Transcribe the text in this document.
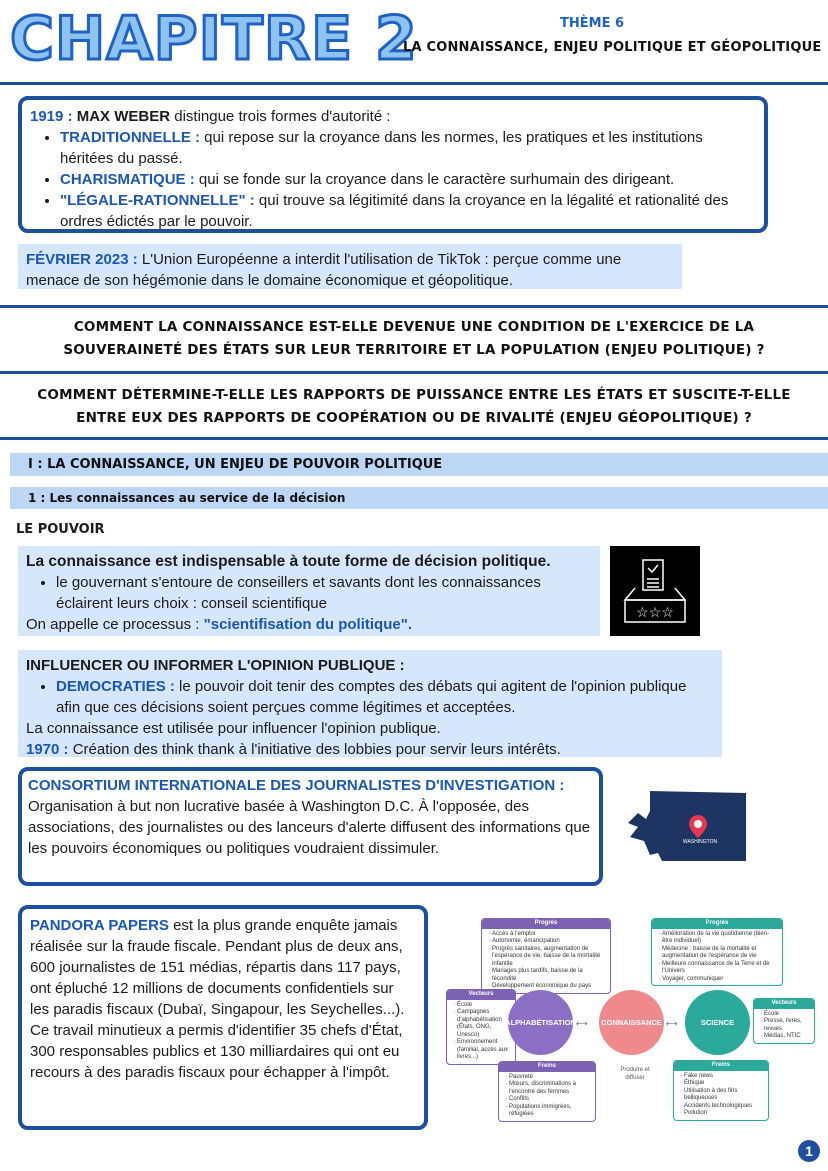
CHAPITRE 2	THÈME 6
LA CONNAISSANCE, ENJEU POLITIQUE ET GÉOPOLITIQUE
1919 : MAX WEBER distingue trois formes d'autorité :
• TRADITIONNELLE : qui repose sur la croyance dans les normes, les pratiques et les institutions héritées du passé.
• CHARISMATIQUE : qui se fonde sur la croyance dans le caractère surhumain des dirigeant.
• "LÉGALE-RATIONNELLE" : qui trouve sa légitimité dans la croyance en la légalité et rationalité des ordres édictés par le pouvoir.
FÉVRIER 2023 : L'Union Européenne a interdit l'utilisation de TikTok : perçue comme une menace de son hégémonie dans le domaine économique et géopolitique.
COMMENT LA CONNAISSANCE EST-ELLE DEVENUE UNE CONDITION DE L'EXERCICE DE LA SOUVERAINETÉ DES ÉTATS SUR LEUR TERRITOIRE ET LA POPULATION (ENJEU POLITIQUE) ?
COMMENT DÉTERMINE-T-ELLE LES RAPPORTS DE PUISSANCE ENTRE LES ÉTATS ET SUSCITE-T-ELLE ENTRE EUX DES RAPPORTS DE COOPÉRATION OU DE RIVALITÉ (ENJEU GÉOPOLITIQUE) ?
I : LA CONNAISSANCE, UN ENJEU DE POUVOIR POLITIQUE
1 : Les connaissances au service de la décision
LE POUVOIR
La connaissance est indispensable à toute forme de décision politique.
• le gouvernant s'entoure de conseillers et savants dont les connaissances éclairent leurs choix : conseil scientifique
On appelle ce processus : "scientifisation du politique".
☆☆☆
INFLUENCER OU INFORMER L'OPINION PUBLIQUE :
• DEMOCRATIES : le pouvoir doit tenir des comptes des débats qui agitent de l'opinion publique afin que ces décisions soient perçues comme légitimes et acceptées.
La connaissance est utilisée pour influencer l'opinion publique.
1970 : Création des think thank à l'initiative des lobbies pour servir leurs intérêts.
CONSORTIUM INTERNATIONALE DES JOURNALISTES D'INVESTIGATION :
Organisation à but non lucrative basée à Washington D.C. À l'opposée, des associations, des journalistes ou des lanceurs d'alerte diffusent des informations que les pouvoirs économiques ou politiques voudraient dissimuler.	WASHINGTON
PANDORA PAPERS est la plus grande enquête jamais réalisée sur la fraude fiscale. Pendant plus de deux ans, 600 journalistes de 151 médias, répartis dans 117 pays, ont épluché 12 millions de documents confidentiels sur les paradis fiscaux (Dubaï, Singapour, les Seychelles...). Ce travail minutieux a permis d'identifier 35 chefs d'État, 300 responsables publics et 130 milliardaires qui ont eu recours à des paradis fiscaux pour échapper à l'impôt.
Progrès
· Accès à l'emploi
· Autonomie, émancipation
· Progrès sanitaires, augmentation de l'espérance de vie, baisse de la mortalité infantile
· Mariages plus tardifs, baisse de la fécondité
· Développement économique du pays
Vecteurs
· École
· Campagnes d'alphabétisation (États, ONG, Unesco)
· Environnement (familial, accès aux livres...)
ALPHABÉTISATION	CONNAISSANCE	SCIENCE
⟷	⟷
Produire et diffuser
Freins
· Pauvreté
· Mœurs, discriminations à l'encontre des femmes
· Conflits
· Populations immigrées, réfugiées
Progrès
· Amélioration de la vie quotidienne (bien-être individuel)
· Médecine : baisse de la mortalité et augmentation de l'espérance de vie
· Meilleure connaissance de la Terre et de l'Univers
· Voyager, communiquer
Vecteurs
· École
· Presse, livres, revues
· Médias, NTIC
Freins
· Fake news
· Éthique
· Utilisation à des fins belliqueuses
· Accidents technologiques
· Pollution
1
